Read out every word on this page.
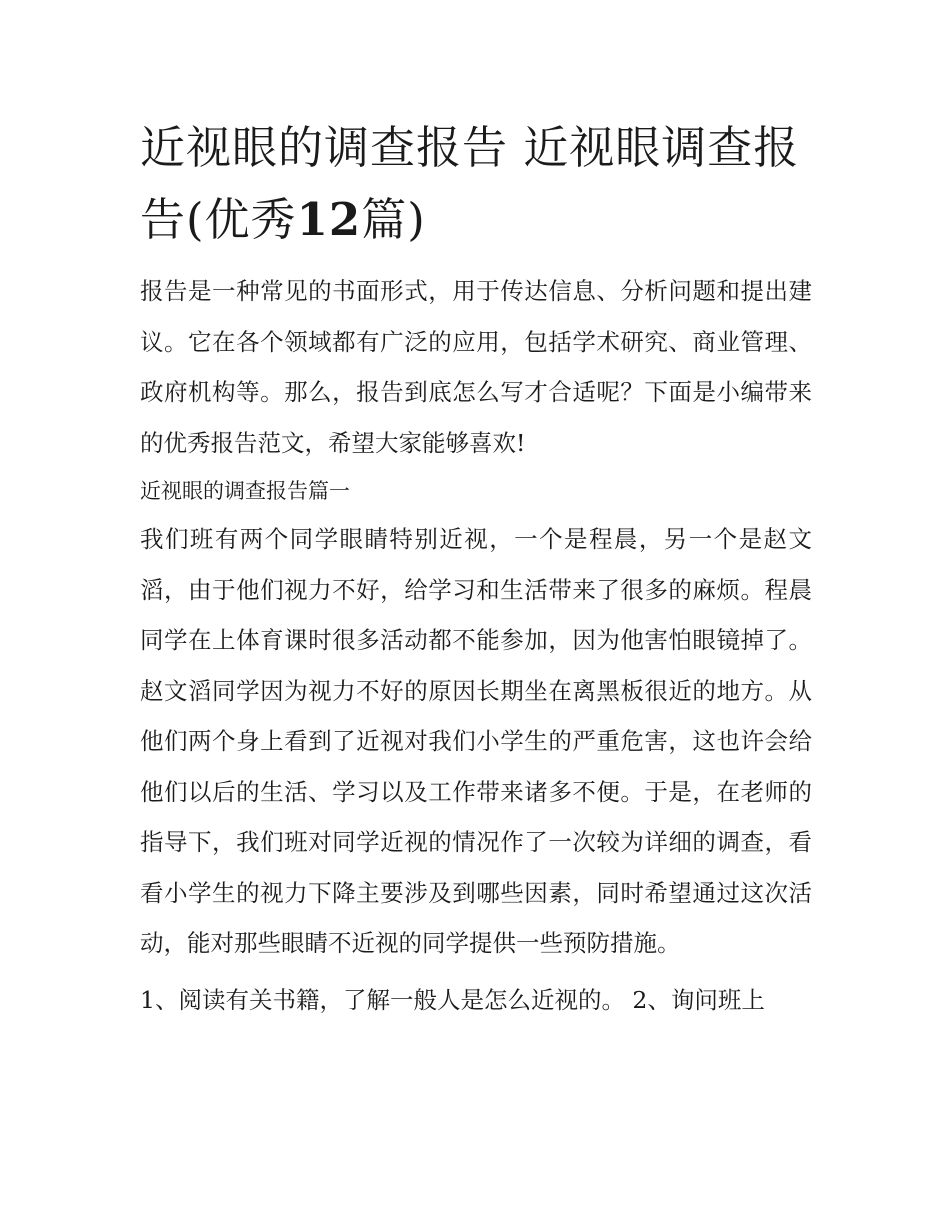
近视眼的调查报告 近视眼调查报告(优秀12篇)

报告是一种常见的书面形式，用于传达信息、分析问题和提出建议。它在各个领域都有广泛的应用，包括学术研究、商业管理、政府机构等。那么，报告到底怎么写才合适呢？下面是小编带来的优秀报告范文，希望大家能够喜欢!

近视眼的调查报告篇一

我们班有两个同学眼睛特别近视，一个是程晨，另一个是赵文滔，由于他们视力不好，给学习和生活带来了很多的麻烦。程晨同学在上体育课时很多活动都不能参加，因为他害怕眼镜掉了。赵文滔同学因为视力不好的原因长期坐在离黑板很近的地方。从他们两个身上看到了近视对我们小学生的严重危害，这也许会给他们以后的生活、学习以及工作带来诸多不便。于是，在老师的指导下，我们班对同学近视的情况作了一次较为详细的调查，看看小学生的视力下降主要涉及到哪些因素，同时希望通过这次活动，能对那些眼睛不近视的同学提供一些预防措施。

1、阅读有关书籍，了解一般人是怎么近视的。 2、询问班上
